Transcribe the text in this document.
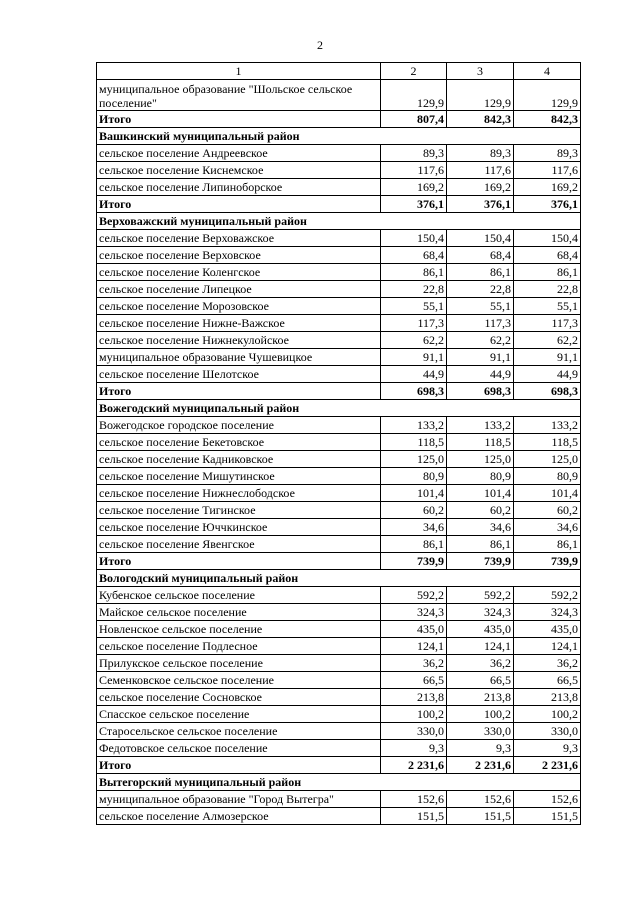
2
1	2	3	4
муниципальное образование "Шольское сельское поселение"	129,9	129,9	129,9
Итого	807,4	842,3	842,3
Вашкинский муниципальный район			
сельское поселение Андреевское	89,3	89,3	89,3
сельское поселение Киснемское	117,6	117,6	117,6
сельское поселение Липиноборское	169,2	169,2	169,2
Итого	376,1	376,1	376,1
Верховажский муниципальный район			
сельское поселение Верховажское	150,4	150,4	150,4
сельское поселение Верховское	68,4	68,4	68,4
сельское поселение Коленгское	86,1	86,1	86,1
сельское поселение Липецкое	22,8	22,8	22,8
сельское поселение Морозовское	55,1	55,1	55,1
сельское поселение Нижне-Важское	117,3	117,3	117,3
сельское поселение Нижнекулойское	62,2	62,2	62,2
муниципальное образование Чушевицкое	91,1	91,1	91,1
сельское поселение Шелотское	44,9	44,9	44,9
Итого	698,3	698,3	698,3
Вожегодский муниципальный район			
Вожегодское городское поселение	133,2	133,2	133,2
сельское поселение Бекетовское	118,5	118,5	118,5
сельское поселение Кадниковское	125,0	125,0	125,0
сельское поселение Мишутинское	80,9	80,9	80,9
сельское поселение Нижнеслободское	101,4	101,4	101,4
сельское поселение Тигинское	60,2	60,2	60,2
сельское поселение Юччкинское	34,6	34,6	34,6
сельское поселение Явенгское	86,1	86,1	86,1
Итого	739,9	739,9	739,9
Вологодский муниципальный район			
Кубенское сельское поселение	592,2	592,2	592,2
Майское сельское поселение	324,3	324,3	324,3
Новленское сельское поселение	435,0	435,0	435,0
сельское поселение Подлесное	124,1	124,1	124,1
Прилукское сельское поселение	36,2	36,2	36,2
Семенковское сельское поселение	66,5	66,5	66,5
сельское поселение Сосновское	213,8	213,8	213,8
Спасское сельское поселение	100,2	100,2	100,2
Старосельское сельское поселение	330,0	330,0	330,0
Федотовское сельское поселение	9,3	9,3	9,3
Итого	2 231,6	2 231,6	2 231,6
Вытегорский муниципальный район			
муниципальное образование "Город Вытегра"	152,6	152,6	152,6
сельское поселение Алмозерское	151,5	151,5	151,5
